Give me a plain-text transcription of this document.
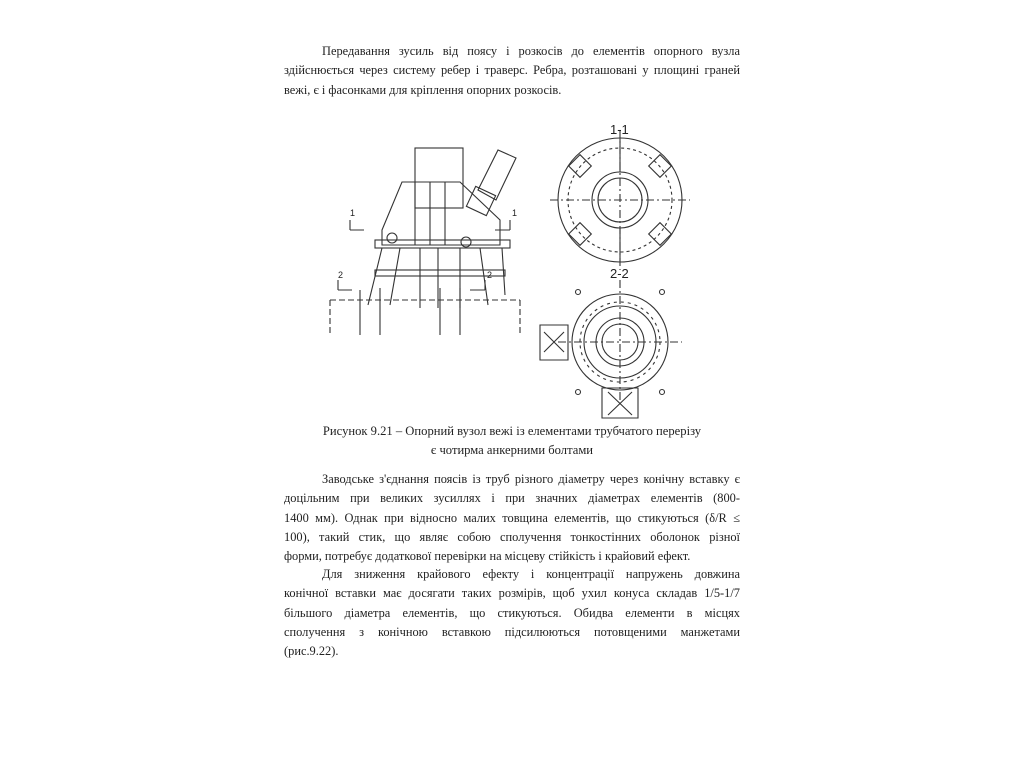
Передавання зусиль від поясу і розкосів до елементів опорного вузла
здійснюється через систему ребер і траверс. Ребра, розташовані у площині граней
вежі, є і фасонками для кріплення опорних розкосів.

1-1
2-2
1	1
2	2
Рисунок 9.21 – Опорний вузол вежі із елементами трубчатого перерізу
є чотирма анкерними болтами

Заводське з'єднання поясів із труб різного діаметру через конічну вставку є
доцільним при великих зусиллях і при значних діаметрах елементів (800-
1400 мм). Однак при відносно малих товщина елементів, що стикуються (δ/R ≤
100), такий стик, що являє собою сполучення тонкостінних оболонок різної
форми, потребує додаткової перевірки на місцеву стійкість і крайовий ефект.

Для зниження крайового ефекту і концентрації напружень довжина
конічної вставки має досягати таких розмірів, щоб ухил конуса складав 1/5-1/7
більшого діаметра елементів, що стикуються. Обидва елементи в місцях
сполучення з конічною вставкою підсилюються потовщеними манжетами
(рис.9.22).
